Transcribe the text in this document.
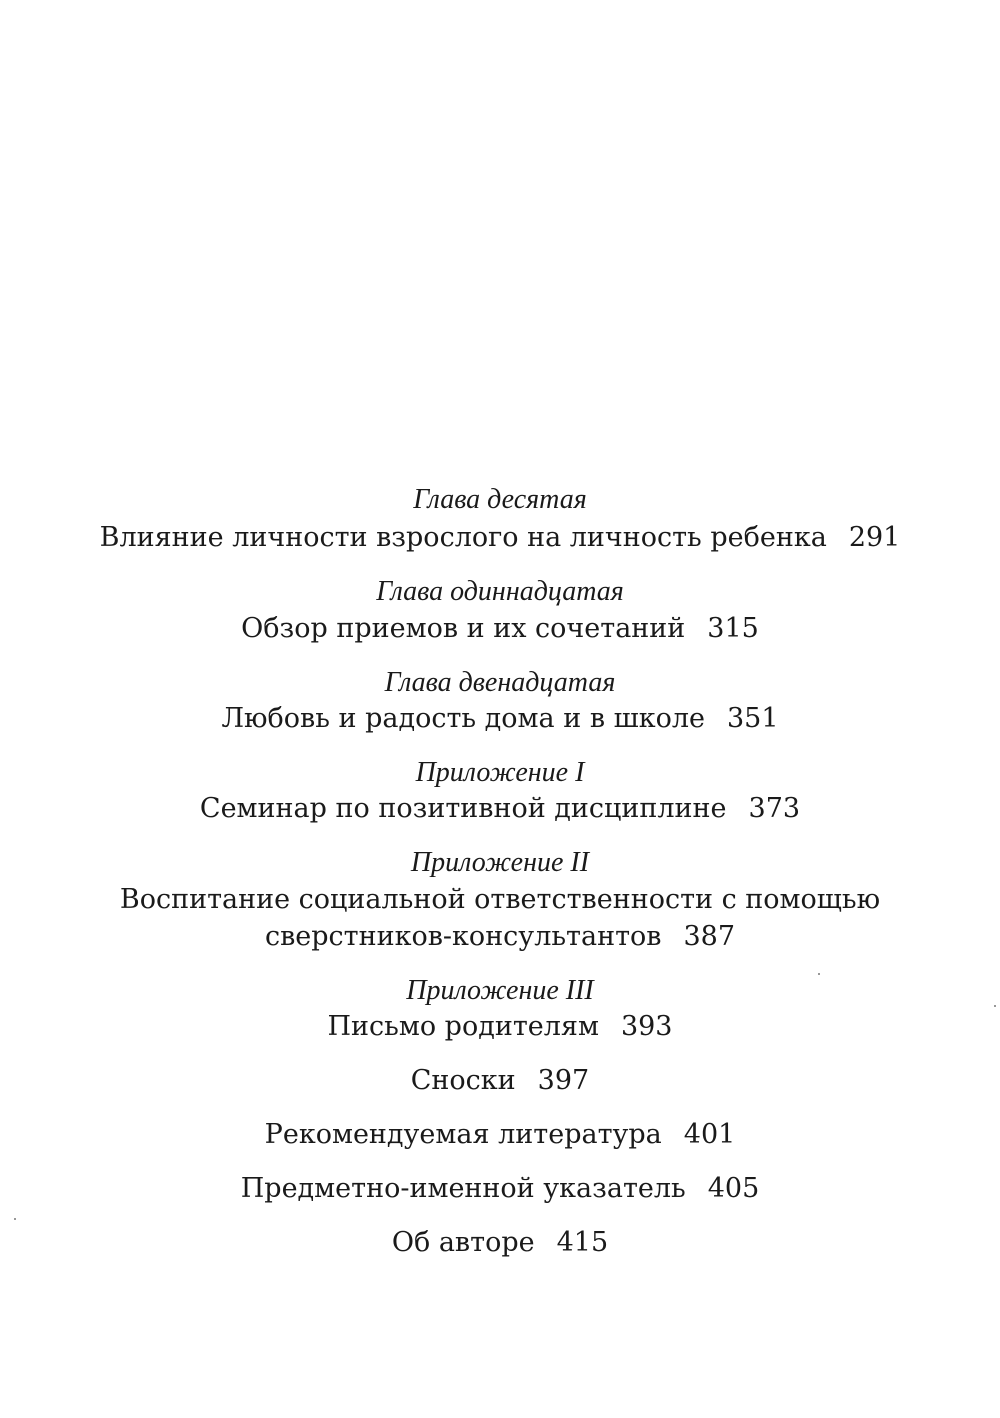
Глава десятая
Влияние личности взрослого на личность ребенка 291
Глава одиннадцатая
Обзор приемов и их сочетаний 315
Глава двенадцатая
Любовь и радость дома и в школе 351
Приложение I
Семинар по позитивной дисциплине 373
Приложение II
Воспитание социальной ответственности с помощью
сверстников-консультантов 387
Приложение III
Письмо родителям 393
Сноски 397
Рекомендуемая литература 401
Предметно-именной указатель 405
Об авторе 415
